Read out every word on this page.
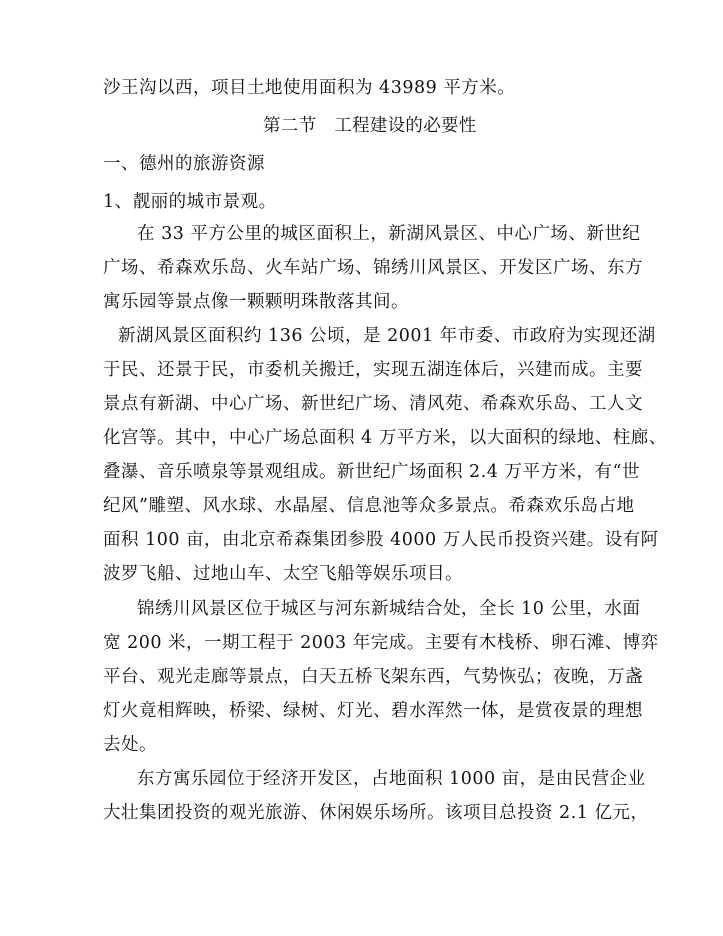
沙王沟以西，项目土地使用面积为 43989 平方米。
第二节　工程建设的必要性
一、德州的旅游资源
1、靓丽的城市景观。
在 33 平方公里的城区面积上，新湖风景区、中心广场、新世纪
广场、希森欢乐岛、火车站广场、锦绣川风景区、开发区广场、东方
寓乐园等景点像一颗颗明珠散落其间。
新湖风景区面积约 136 公顷，是 2001 年市委、市政府为实现还湖
于民、还景于民，市委机关搬迁，实现五湖连体后，兴建而成。主要
景点有新湖、中心广场、新世纪广场、清风苑、希森欢乐岛、工人文
化宫等。其中，中心广场总面积 4 万平方米，以大面积的绿地、柱廊、
叠瀑、音乐喷泉等景观组成。新世纪广场面积 2.4 万平方米，有“世
纪风”雕塑、风水球、水晶屋、信息池等众多景点。希森欢乐岛占地
面积 100 亩，由北京希森集团参股 4000 万人民币投资兴建。设有阿
波罗飞船、过地山车、太空飞船等娱乐项目。
锦绣川风景区位于城区与河东新城结合处，全长 10 公里，水面
宽 200 米，一期工程于 2003 年完成。主要有木栈桥、卵石滩、博弈
平台、观光走廊等景点，白天五桥飞架东西，气势恢弘；夜晚，万盏
灯火竟相辉映，桥梁、绿树、灯光、碧水浑然一体，是赏夜景的理想
去处。
东方寓乐园位于经济开发区，占地面积 1000 亩，是由民营企业
大壮集团投资的观光旅游、休闲娱乐场所。该项目总投资 2.1 亿元，
